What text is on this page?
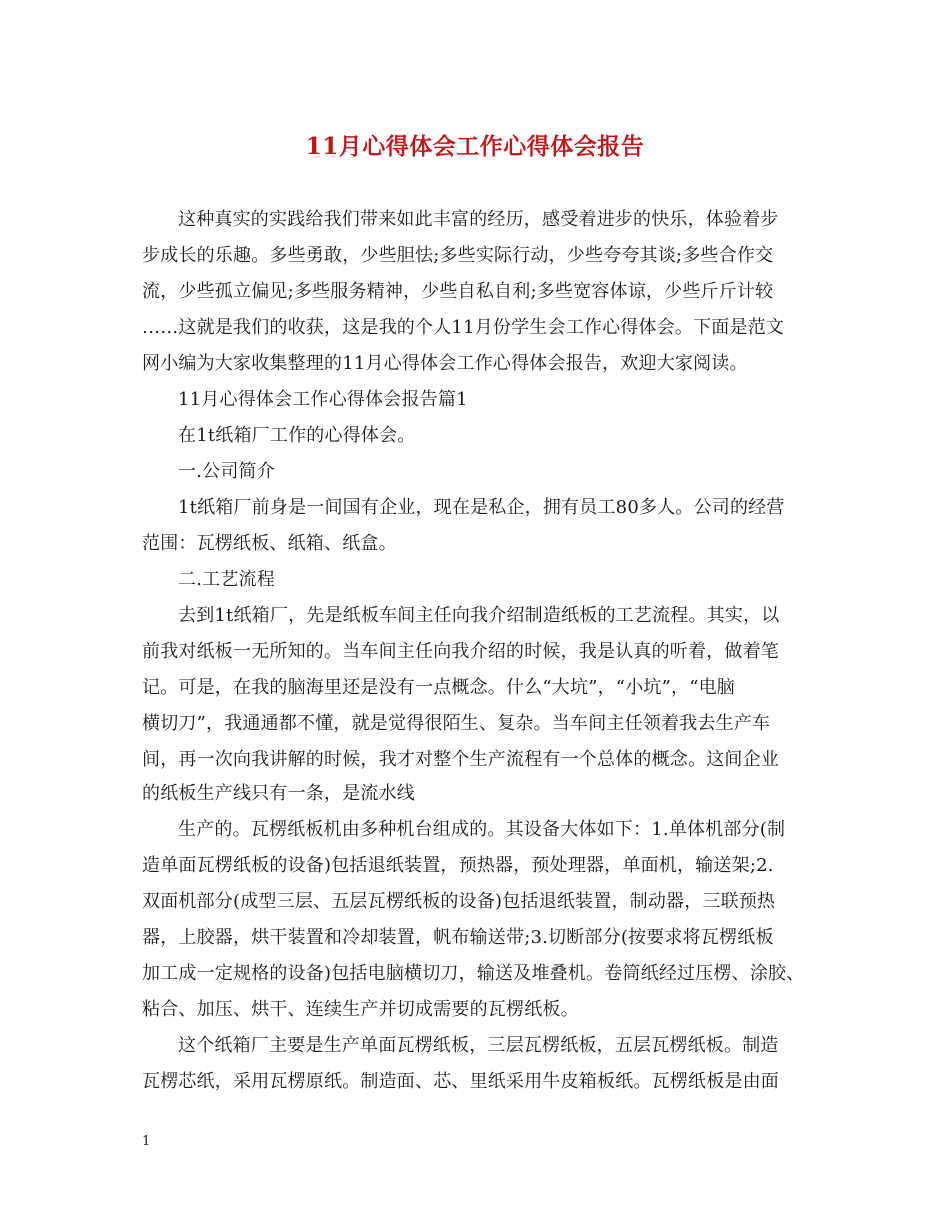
11月心得体会工作心得体会报告
这种真实的实践给我们带来如此丰富的经历，感受着进步的快乐，体验着步
步成长的乐趣。多些勇敢，少些胆怯;多些实际行动，少些夸夸其谈;多些合作交
流，少些孤立偏见;多些服务精神，少些自私自利;多些宽容体谅，少些斤斤计较
……这就是我们的收获，这是我的个人11月份学生会工作心得体会。下面是范文
网小编为大家收集整理的11月心得体会工作心得体会报告，欢迎大家阅读。
11月心得体会工作心得体会报告篇1
在1t纸箱厂工作的心得体会。
一.公司简介
1t纸箱厂前身是一间国有企业，现在是私企，拥有员工80多人。公司的经营
范围：瓦楞纸板、纸箱、纸盒。
二.工艺流程
去到1t纸箱厂，先是纸板车间主任向我介绍制造纸板的工艺流程。其实，以
前我对纸板一无所知的。当车间主任向我介绍的时候，我是认真的听着，做着笔
记。可是，在我的脑海里还是没有一点概念。什么“大坑”，“小坑”，“电脑
横切刀”，我通通都不懂，就是觉得很陌生、复杂。当车间主任领着我去生产车
间，再一次向我讲解的时候，我才对整个生产流程有一个总体的概念。这间企业
的纸板生产线只有一条，是流水线
生产的。瓦楞纸板机由多种机台组成的。其设备大体如下：1.单体机部分(制
造单面瓦楞纸板的设备)包括退纸装置，预热器，预处理器，单面机，输送架;2.
双面机部分(成型三层、五层瓦楞纸板的设备)包括退纸装置，制动器，三联预热
器，上胶器，烘干装置和冷却装置，帆布输送带;3.切断部分(按要求将瓦楞纸板
加工成一定规格的设备)包括电脑横切刀，输送及堆叠机。卷筒纸经过压楞、涂胶、
粘合、加压、烘干、连续生产并切成需要的瓦楞纸板。
这个纸箱厂主要是生产单面瓦楞纸板，三层瓦楞纸板，五层瓦楞纸板。制造
瓦楞芯纸，采用瓦楞原纸。制造面、芯、里纸采用牛皮箱板纸。瓦楞纸板是由面
1
